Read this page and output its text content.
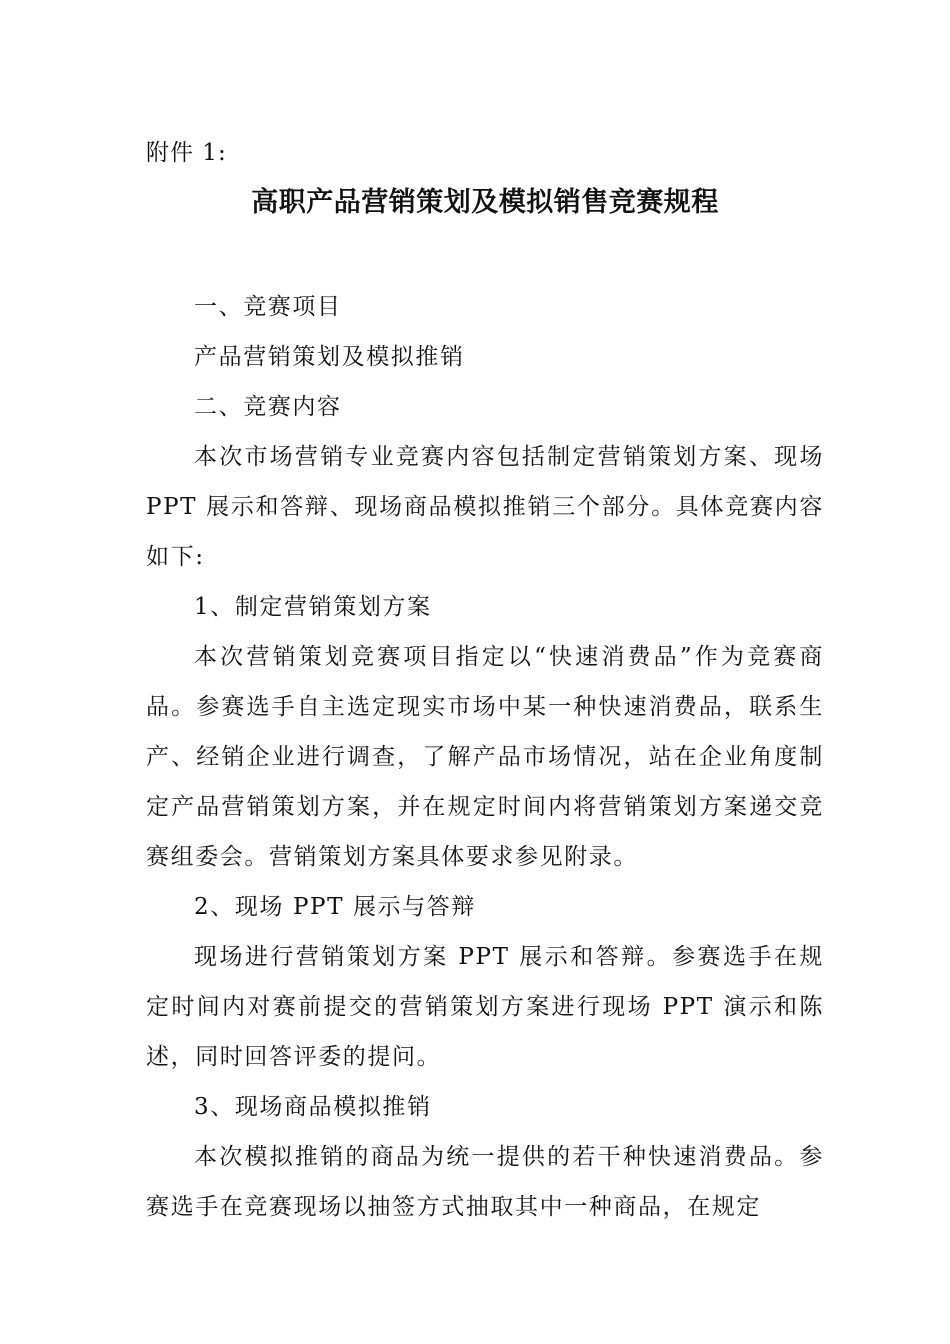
附件 1:

高职产品营销策划及模拟销售竞赛规程

一、竞赛项目

产品营销策划及模拟推销

二、竞赛内容

本次市场营销专业竞赛内容包括制定营销策划方案、现场 PPT 展示和答辩、现场商品模拟推销三个部分。具体竞赛内容如下:

1、制定营销策划方案

本次营销策划竞赛项目指定以“快速消费品”作为竞赛商品。参赛选手自主选定现实市场中某一种快速消费品，联系生产、经销企业进行调查，了解产品市场情况，站在企业角度制定产品营销策划方案，并在规定时间内将营销策划方案递交竞赛组委会。营销策划方案具体要求参见附录。

2、现场 PPT 展示与答辩

现场进行营销策划方案 PPT 展示和答辩。参赛选手在规定时间内对赛前提交的营销策划方案进行现场 PPT 演示和陈述，同时回答评委的提问。

3、现场商品模拟推销

本次模拟推销的商品为统一提供的若干种快速消费品。参赛选手在竞赛现场以抽签方式抽取其中一种商品，在规定
